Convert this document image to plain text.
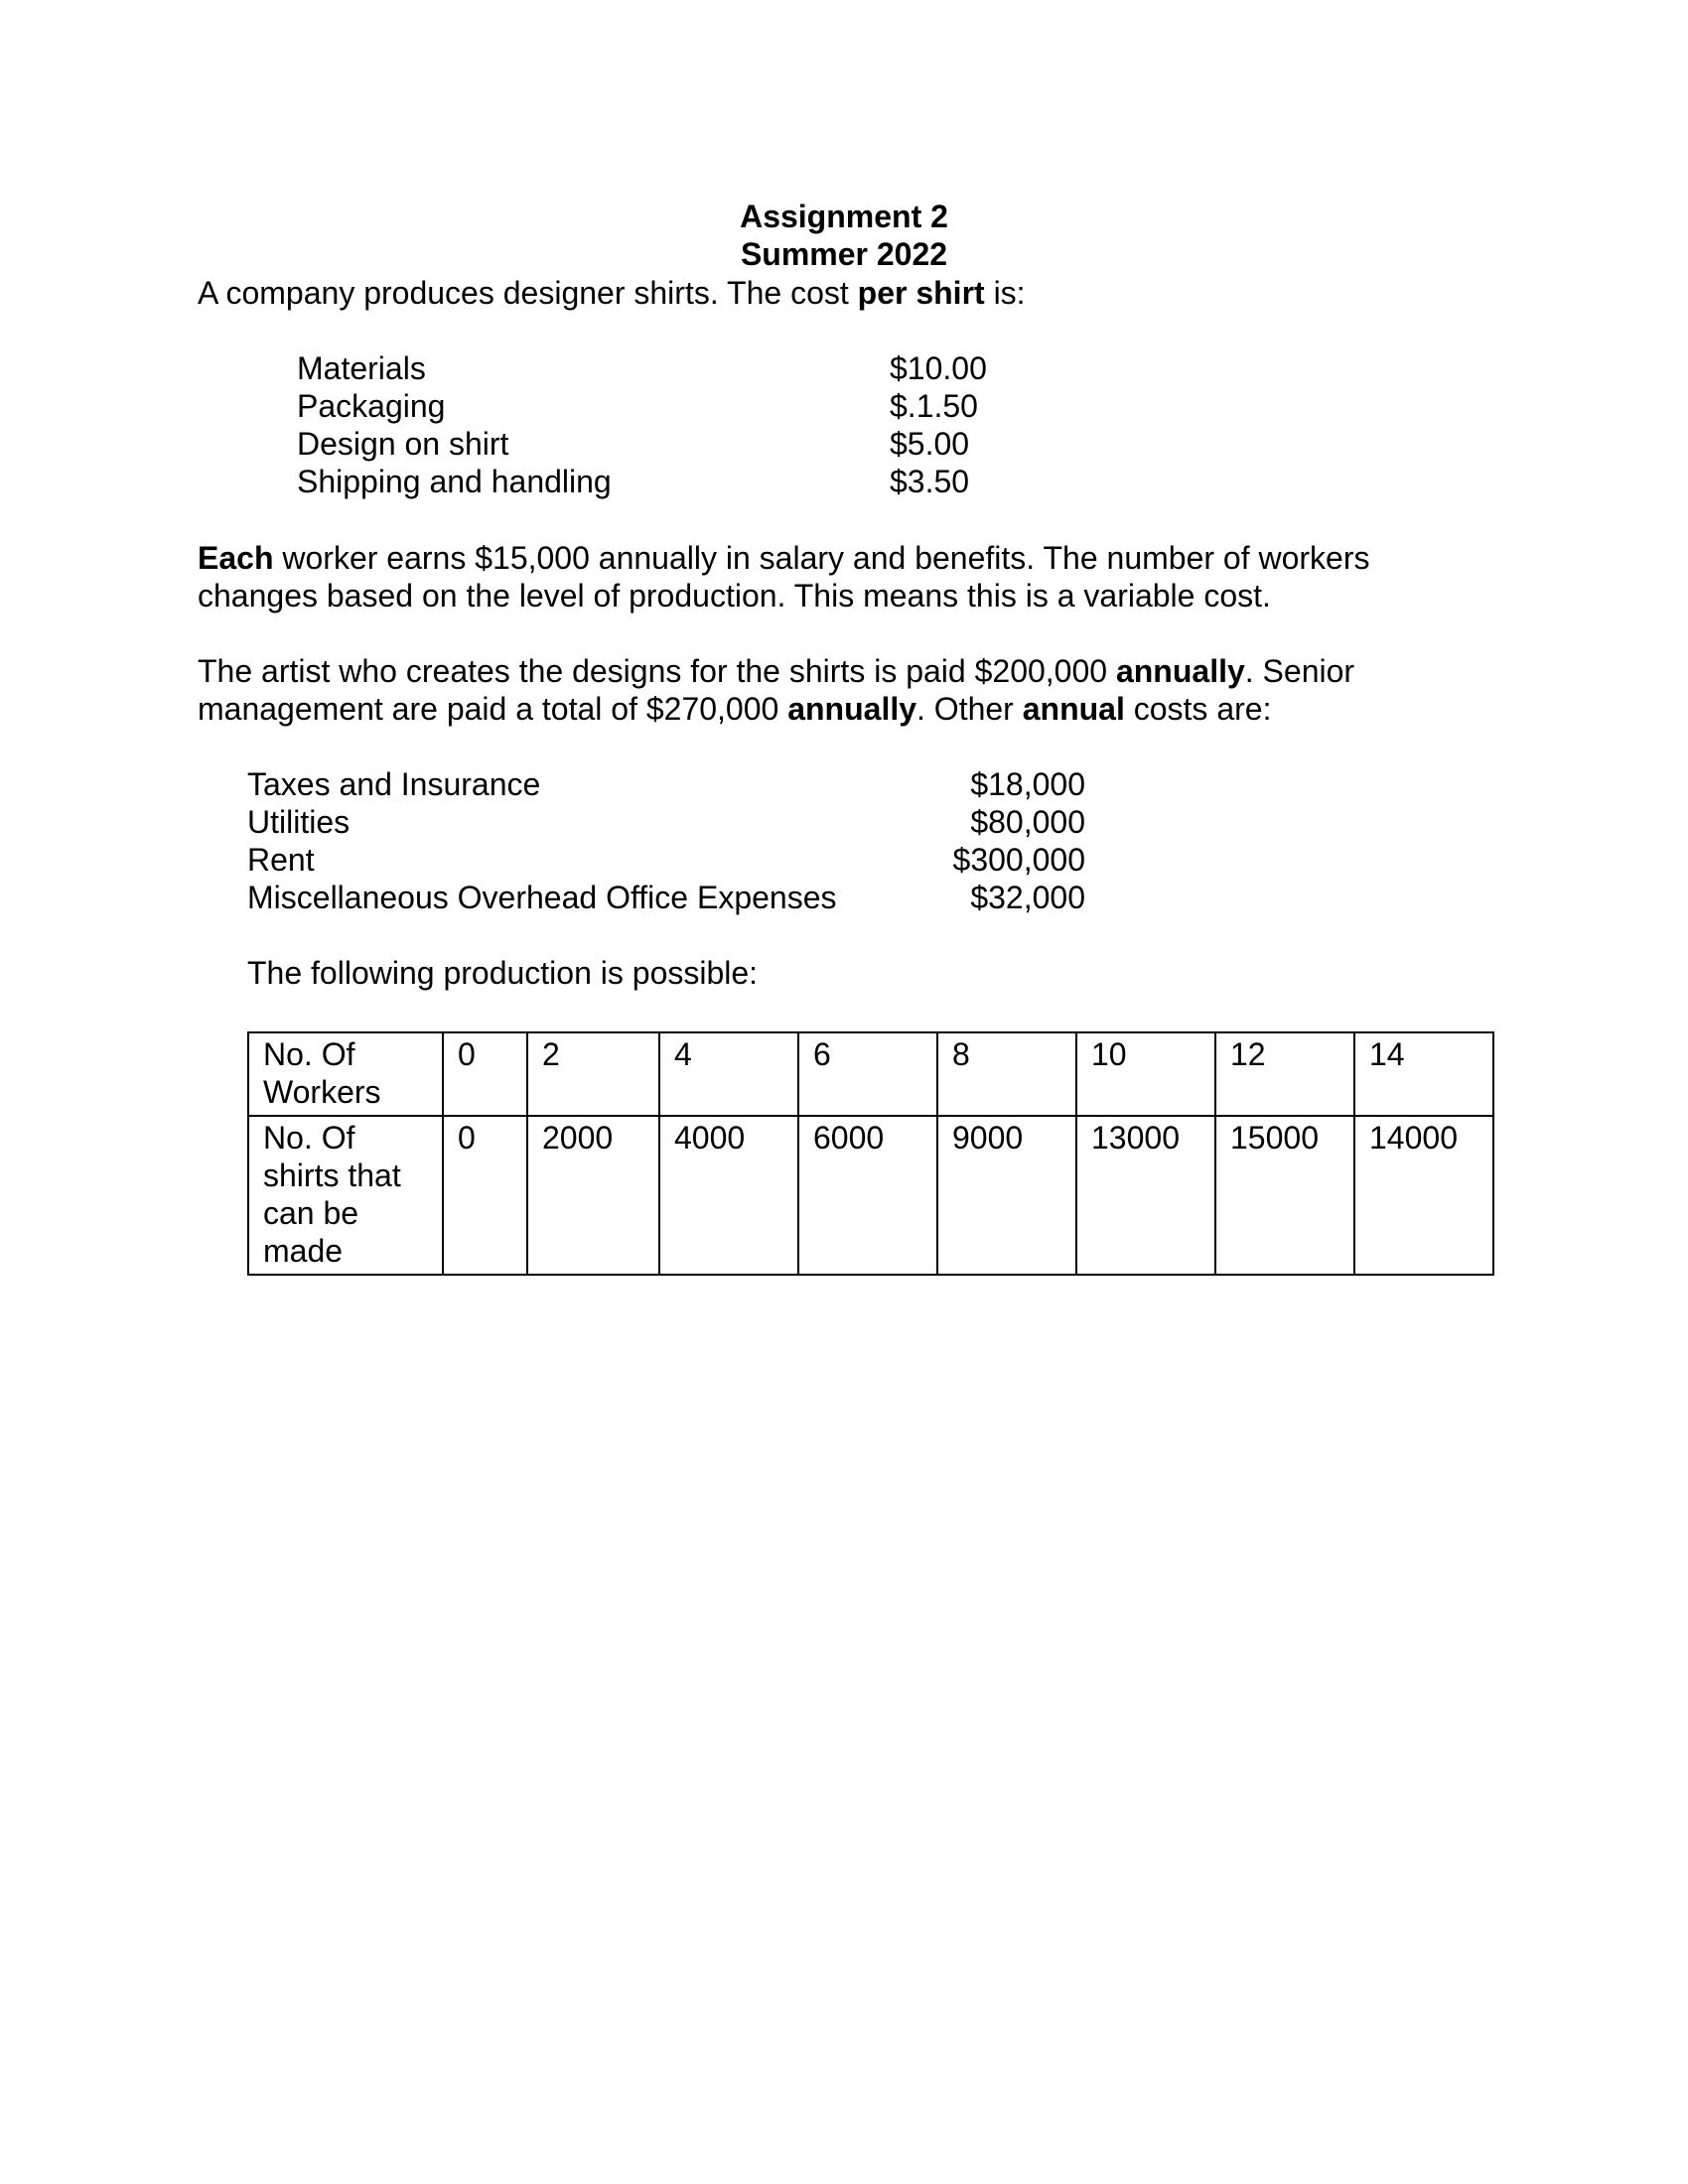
Assignment 2
Summer 2022
A company produces designer shirts. The cost per shirt is:
Materials	$10.00
Packaging	$.1.50
Design on shirt	$5.00
Shipping and handling	$3.50
Each worker earns $15,000 annually in salary and benefits. The number of workers
changes based on the level of production. This means this is a variable cost.
The artist who creates the designs for the shirts is paid $200,000 annually. Senior
management are paid a total of $270,000 annually. Other annual costs are:
Taxes and Insurance	$18,000
Utilities	$80,000
Rent	$300,000
Miscellaneous Overhead Office Expenses	$32,000
The following production is possible:
No. Of
Workers	0	2	4	6	8	10	12	14
No. Of
shirts that
can be
made	0	2000	4000	6000	9000	13000	15000	14000
